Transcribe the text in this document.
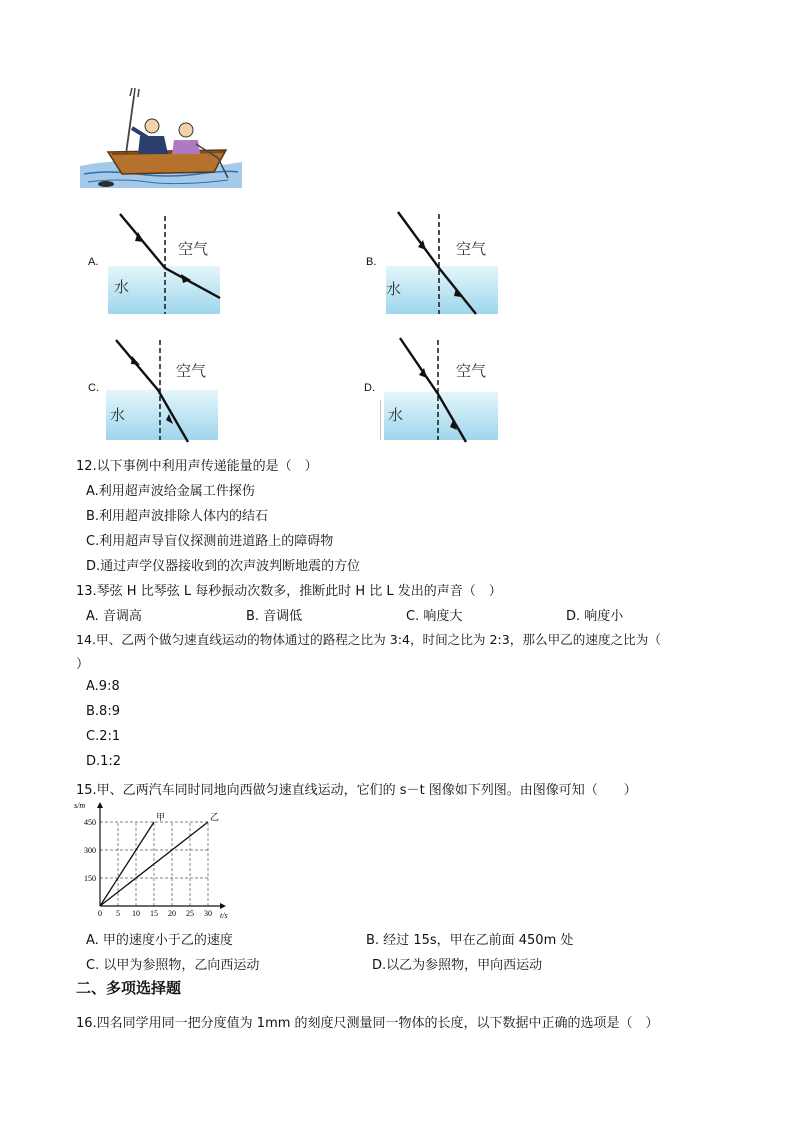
A.
空气
水
B.
空气
水
C.
空气
水
D.
空气
水
12.以下事例中利用声传递能量的是（　）
A.利用超声波给金属工件探伤
B.利用超声波排除人体内的结石
C.利用超声导盲仪探测前进道路上的障碍物
D.通过声学仪器接收到的次声波判断地震的方位
13.琴弦 H 比琴弦 L 每秒振动次数多，推断此时 H 比 L 发出的声音（　）
A. 音调高	B. 音调低	C. 响度大	D. 响度小
14.甲、乙两个做匀速直线运动的物体通过的路程之比为 3:4，时间之比为 2:3，那么甲乙的速度之比为（
）
A.9:8
B.8:9
C.2:1
D.1:2
15.甲、乙两汽车同时同地向西做匀速直线运动，它们的 s－t 图像如下列图。由图像可知（　　）
0 5 10 15 20 25 30
150
300
450
s/m
t/s
甲	乙
A. 甲的速度小于乙的速度	B. 经过 15s，甲在乙前面 450m 处
C. 以甲为参照物，乙向西运动	D.以乙为参照物，甲向西运动
二、多项选择题
16.四名同学用同一把分度值为 1mm 的刻度尺测量同一物体的长度，以下数据中正确的选项是（　）
